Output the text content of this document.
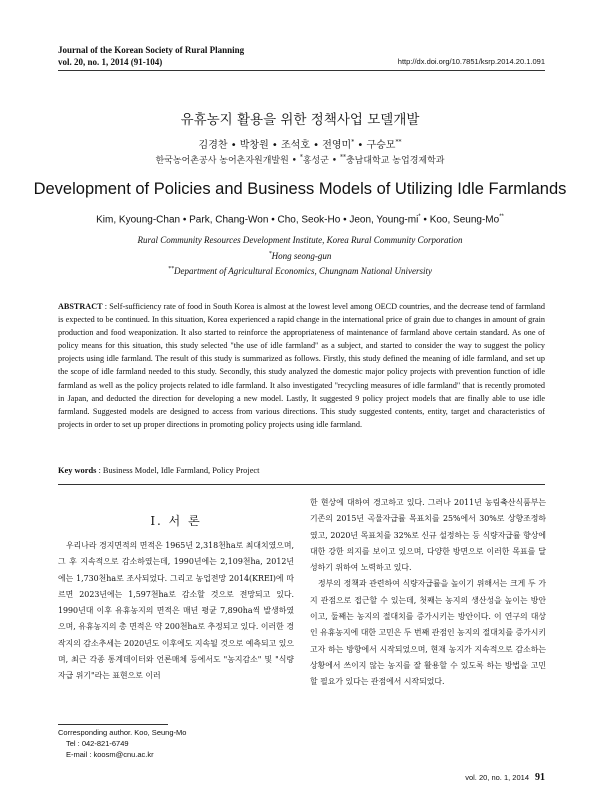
Journal of the Korean Society of Rural Planning
vol. 20, no. 1, 2014 (91-104)	http://dx.doi.org/10.7851/ksrp.2014.20.1.091
유휴농지 활용을 위한 정책사업 모델개발
김경찬 • 박창원 • 조석호 • 전영미* • 구승모**
한국농어촌공사 농어촌자원개발원 • *홍성군 • **충남대학교 농업경제학과
Development of Policies and Business Models of Utilizing Idle Farmlands
Kim, Kyoung-Chan • Park, Chang-Won • Cho, Seok-Ho • Jeon, Young-mi* • Koo, Seung-Mo**
Rural Community Resources Development Institute, Korea Rural Community Corporation
*Hong seong-gun
**Department of Agricultural Economics, Chungnam National University
ABSTRACT : Self-sufficiency rate of food in South Korea is almost at the lowest level among OECD countries, and the decrease tend of farmland is expected to be continued. In this situation, Korea experienced a rapid change in the international price of grain due to changes in amount of grain production and food weaponization. It also started to reinforce the appropriateness of maintenance of farmland above certain standard. As one of policy means for this situation, this study selected "the use of idle farmland" as a subject, and started to consider the way to suggest the policy projects using idle farmland. The result of this study is summarized as follows. Firstly, this study defined the meaning of idle farmland, and set up the scope of idle farmland needed to this study. Secondly, this study analyzed the domestic major policy projects with prevention function of idle farmland as well as the policy projects related to idle farmland. It also investigated "recycling measures of idle farmland" that is recently promoted in Japan, and deducted the direction for developing a new model. Lastly, It suggested 9 policy project models that are finally able to use idle farmland. Suggested models are designed to access from various directions. This study suggested contents, entity, target and characteristics of projects in order to set up proper directions in promoting policy projects using idle farmland.
Key words : Business Model, Idle Farmland, Policy Project
I. 서 론

우리나라 경지면적의 면적은 1965년 2,318천ha로 최대치였으며, 그 후 지속적으로 감소하였는데, 1990년에는 2,109천ha, 2012년에는 1,730천ha로 조사되었다. 그리고 농업전망 2014(KREI)에 따르면 2023년에는 1,597천ha로 감소할 것으로 전망되고 있다. 1990년대 이후 유휴농지의 면적은 매년 평균 7,890ha씩 발생하였으며, 유휴농지의 총 면적은 약 200천ha로 추정되고 있다. 이러한 경작지의 감소추세는 2020년도 이후에도 지속될 것으로 예측되고 있으며, 최근 각종 통계데이터와 언론매체 등에서도 "농지감소" 및 "식량자급 위기"라는 표현으로 이러

한 현상에 대하여 경고하고 있다. 그러나 2011년 농림축산식품부는 기존의 2015년 곡물자급률 목표치를 25%에서 30%로 상향조정하였고, 2020년 목표치를 32%로 신규 설정하는 등 식량자급률 향상에 대한 강한 의지를 보이고 있으며, 다양한 방면으로 이러한 목표를 달성하기 위하여 노력하고 있다.

정부의 정책과 관련하여 식량자급률을 높이기 위해서는 크게 두 가지 관점으로 접근할 수 있는데, 첫째는 농지의 생산성을 높이는 방안이고, 둘째는 농지의 절대치를 증가시키는 방안이다. 이 연구의 대상인 유휴농지에 대한 고민은 두 번째 관점인 농지의 절대치를 증가시키고자 하는 방향에서 시작되었으며, 현재 농지가 지속적으로 감소하는 상황에서 쓰이지 않는 농지를 잘 활용할 수 있도록 하는 방법을 고민할 필요가 있다는 관점에서 시작되었다.

Corresponding author. Koo, Seung-Mo
Tel : 042-821-6749
E-mail : koosm@cnu.ac.kr
vol. 20, no. 1, 2014 91
